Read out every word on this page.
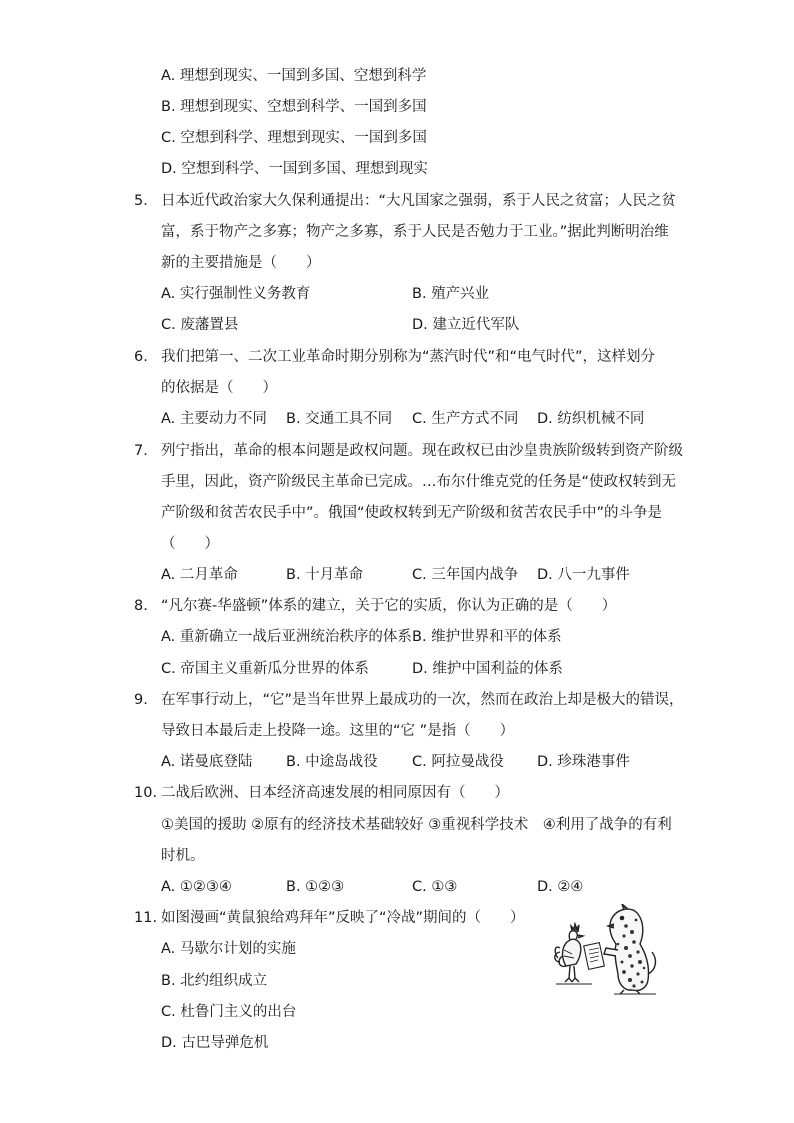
A. 理想到现实、一国到多国、空想到科学
B. 理想到现实、空想到科学、一国到多国
C. 空想到科学、理想到现实、一国到多国
D. 空想到科学、一国到多国、理想到现实
5. 日本近代政治家大久保利通提出：“大凡国家之强弱，系于人民之贫富；人民之贫
富，系于物产之多寡；物产之多寡，系于人民是否勉力于工业。”据此判断明治维
新的主要措施是（　　）
A. 实行强制性义务教育	B. 殖产兴业
C. 废藩置县	D. 建立近代军队
6. 我们把第一、二次工业革命时期分别称为“蒸汽时代”和“电气时代”，这样划分
的依据是（　　）
A. 主要动力不同 B. 交通工具不同 C. 生产方式不同 D. 纺织机械不同
7. 列宁指出，革命的根本问题是政权问题。现在政权已由沙皇贵族阶级转到资产阶级
手里，因此，资产阶级民主革命已完成。…布尔什维克党的任务是“使政权转到无
产阶级和贫苦农民手中”。俄国“使政权转到无产阶级和贫苦农民手中”的斗争是
（　　）
A. 二月革命	B. 十月革命	C. 三年国内战争 D. 八一九事件
8. “凡尔赛-华盛顿”体系的建立，关于它的实质，你认为正确的是（　　）
A. 重新确立一战后亚洲统治秩序的体系 B. 维护世界和平的体系
C. 帝国主义重新瓜分世界的体系	D. 维护中国利益的体系
9. 在军事行动上，“它”是当年世界上最成功的一次，然而在政治上却是极大的错误，
导致日本最后走上投降一途。这里的“它 ”是指（　　）
A. 诺曼底登陆 B. 中途岛战役 C. 阿拉曼战役 D. 珍珠港事件
10. 二战后欧洲、日本经济高速发展的相同原因有（　　）
①美国的援助 ②原有的经济技术基础较好 ③重视科学技术　④利用了战争的有利
时机。
A. ①②③④	B. ①②③	C. ①③	D. ②④
11. 如图漫画“黄鼠狼给鸡拜年”反映了“冷战”期间的（　　）
A. 马歇尔计划的实施
B. 北约组织成立
C. 杜鲁门主义的出台
D. 古巴导弹危机
